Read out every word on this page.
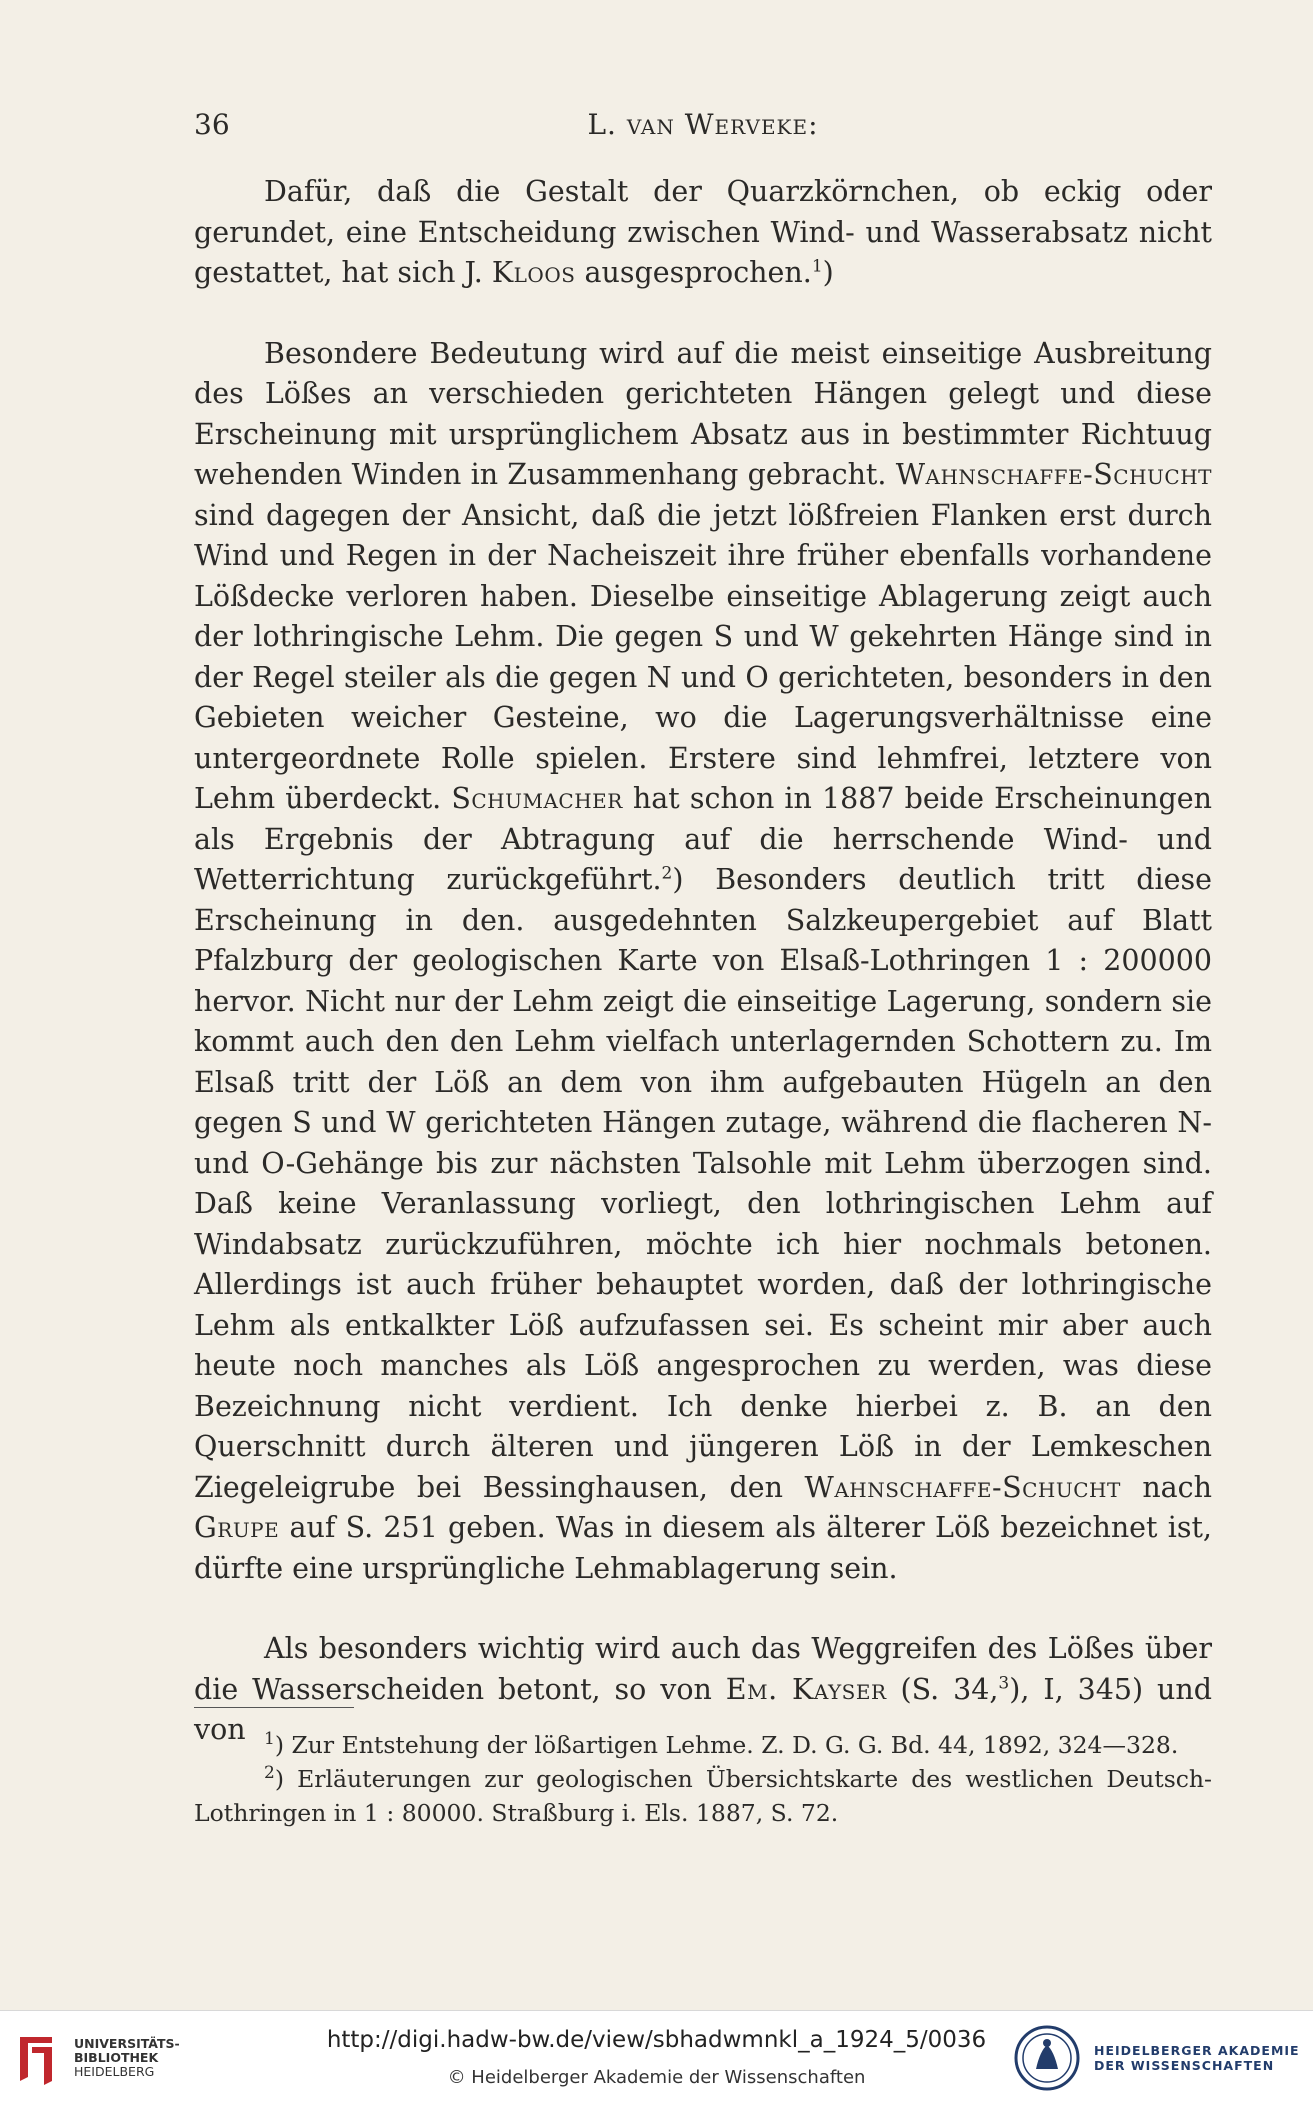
36	L. van Werveke:

Dafür, daß die Gestalt der Quarzkörnchen, ob eckig oder gerundet, eine Entscheidung zwischen Wind- und Wasserabsatz nicht gestattet, hat sich J. Kloos ausgesprochen.$^1$)

Besondere Bedeutung wird auf die meist einseitige Ausbreitung des Lößes an verschieden gerichteten Hängen gelegt und diese Erscheinung mit ursprünglichem Absatz aus in bestimmter Richtuug wehenden Winden in Zusammenhang gebracht. Wahnschaffe-Schucht sind dagegen der Ansicht, daß die jetzt lößfreien Flanken erst durch Wind und Regen in der Nacheiszeit ihre früher ebenfalls vorhandene Lößdecke verloren haben. Dieselbe einseitige Ablagerung zeigt auch der lothringische Lehm. Die gegen S und W gekehrten Hänge sind in der Regel steiler als die gegen N und O gerichteten, besonders in den Gebieten weicher Gesteine, wo die Lagerungsverhältnisse eine untergeordnete Rolle spielen. Erstere sind lehmfrei, letztere von Lehm überdeckt. Schumacher hat schon in 1887 beide Erscheinungen als Ergebnis der Abtragung auf die herrschende Wind- und Wetterrichtung zurückgeführt.$^2$) Besonders deutlich tritt diese Erscheinung in den. ausgedehnten Salzkeupergebiet auf Blatt Pfalzburg der geologischen Karte von Elsaß-Lothringen 1 : 200000 hervor. Nicht nur der Lehm zeigt die einseitige Lagerung, sondern sie kommt auch den den Lehm vielfach unterlagernden Schottern zu. Im Elsaß tritt der Löß an dem von ihm aufgebauten Hügeln an den gegen S und W gerichteten Hängen zutage, während die flacheren N- und O-Gehänge bis zur nächsten Talsohle mit Lehm überzogen sind. Daß keine Veranlassung vorliegt, den lothringischen Lehm auf Windabsatz zurückzuführen, möchte ich hier nochmals betonen. Allerdings ist auch früher behauptet worden, daß der lothringische Lehm als entkalkter Löß aufzufassen sei. Es scheint mir aber auch heute noch manches als Löß angesprochen zu werden, was diese Bezeichnung nicht verdient. Ich denke hierbei z. B. an den Querschnitt durch älteren und jüngeren Löß in der Lemkeschen Ziegeleigrube bei Bessinghausen, den Wahnschaffe-Schucht nach Grupe auf S. 251 geben. Was in diesem als älterer Löß bezeichnet ist, dürfte eine ursprüngliche Lehmablagerung sein.

Als besonders wichtig wird auch das Weggreifen des Lößes über die Wasserscheiden betont, so von Em. Kayser (S. 34,$^3$), I, 345) und von	$^1$) Zur Entstehung der lößartigen Lehme. Z. D. G. G. Bd. 44, 1892, 324—328.

$^2$) Erläuterungen zur geologischen Übersichtskarte des westlichen Deutsch-Lothringen in 1 : 80000. Straßburg i. Els. 1887, S. 72.

UNIVERSITÄTS-
BIBLIOTHEK
HEIDELBERG
http://digi.hadw-bw.de/view/sbhadwmnkl_a_1924_5/0036
© Heidelberger Akademie der Wissenschaften
HEIDELBERGER AKADEMIE
DER WISSENSCHAFTEN
